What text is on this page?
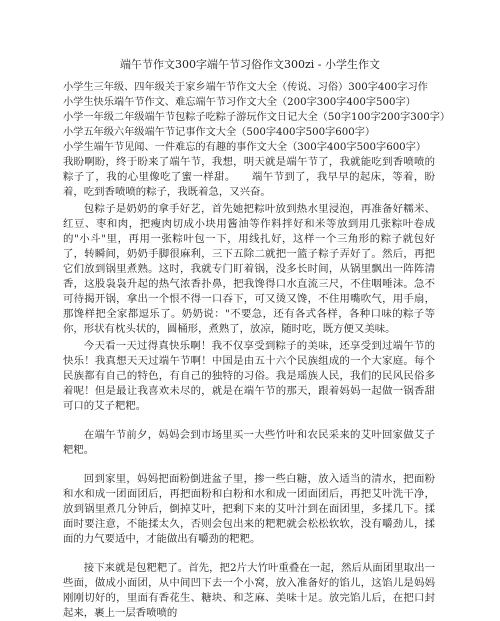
端午节作文300字端午节习俗作文300zi - 小学生作文
小学生三年级、四年级关于家乡端午节作文大全（传说、习俗）300字400字习作
小学生快乐端午节作文、难忘端午节习作文大全（200字300字400字500字）
小学一年级二年级端午节包粽子吃粽子游玩作文日记大全（50字100字200字300字）
小学五年级六年级端午节记事作文大全（500字400字500字600字）
小学生端午节见闻、一件难忘的有趣的事作文大全（300字400字500字600字）

我盼啊盼，终于盼来了端午节，我想，明天就是端午节了，我就能吃到香喷喷的粽子了，我的心里像吃了蜜一样甜。　　端午节到了，我早早的起床，等着，盼着，吃到香喷喷的粽子，我既着急，又兴奋。

包粽子是奶奶的拿手好艺，首先她把粽叶放到热水里浸泡，再准备好糯米、红豆、枣和肉，把瘦肉切成小块用酱油等作料拌好和米等放到用几张粽叶卷成的"小斗"里，再用一张粽叶包一下，用线扎好，这样一个三角形的粽子就包好了，转瞬间，奶奶手脚很麻利，三下五除二就把一篮子粽子弄好了。然后，再把它们放到锅里煮熟。这时，我就专门盯着锅，没多长时间，从锅里飘出一阵阵清香，这股袅袅升起的热气浓香扑鼻，把我馋得口水直流三尺，不住咽唾沫。急不可待揭开锅，拿出一个恨不得一口吞下，可又烫又馋，不住用嘴吹气，用手扇，那馋样把全家都逗乐了。奶奶说："不要急，还有各式各样，各种口味的粽子等你，形状有枕头状的，圆桶形，煮熟了，放凉，随时吃，既方便又美味。

今天看一天过得真快乐啊！我不仅享受到粽子的美味，还享受到过端午节的快乐！我真想天天过端午节啊！中国是由五十六个民族组成的一个大家庭。每个民族都有自己的特色，有自己的独特的习俗。我是瑶族人民，我们的民风民俗多着呢！但是最让我喜欢未尽的，就是在端午节的那天，跟着妈妈一起做一锅香甜可口的艾子粑粑。

在端午节前夕，妈妈会到市场里买一大些竹叶和农民采来的艾叶回家做艾子粑粑。

回到家里，妈妈把面粉倒进盆子里，掺一些白糖，放入适当的清水，把面粉和水和成一团面团后，再把面粉和白粉和水和成一团面团后，再把艾叶洗干净，放到锅里煮几分钟后，倒掉艾叶，把剩下来的艾叶汁到在面团里，多揉几下。揉面时要注意，不能揉太久，否则会包出来的粑粑就会松松软软，没有嚼劲儿，揉面的力气要适中，才能做出有嚼劲的粑粑。

接下来就是包粑粑了。首先，把2片大竹叶重叠在一起，然后从面团里取出一些面，做成小面团，从中间凹下去一个小窝，放入准备好的馅儿，这馅儿是妈妈刚刚切好的，里面有香花生、糖块、和芝麻、美味十足。放完馅儿后，在把口封起来，裹上一层香喷喷的
